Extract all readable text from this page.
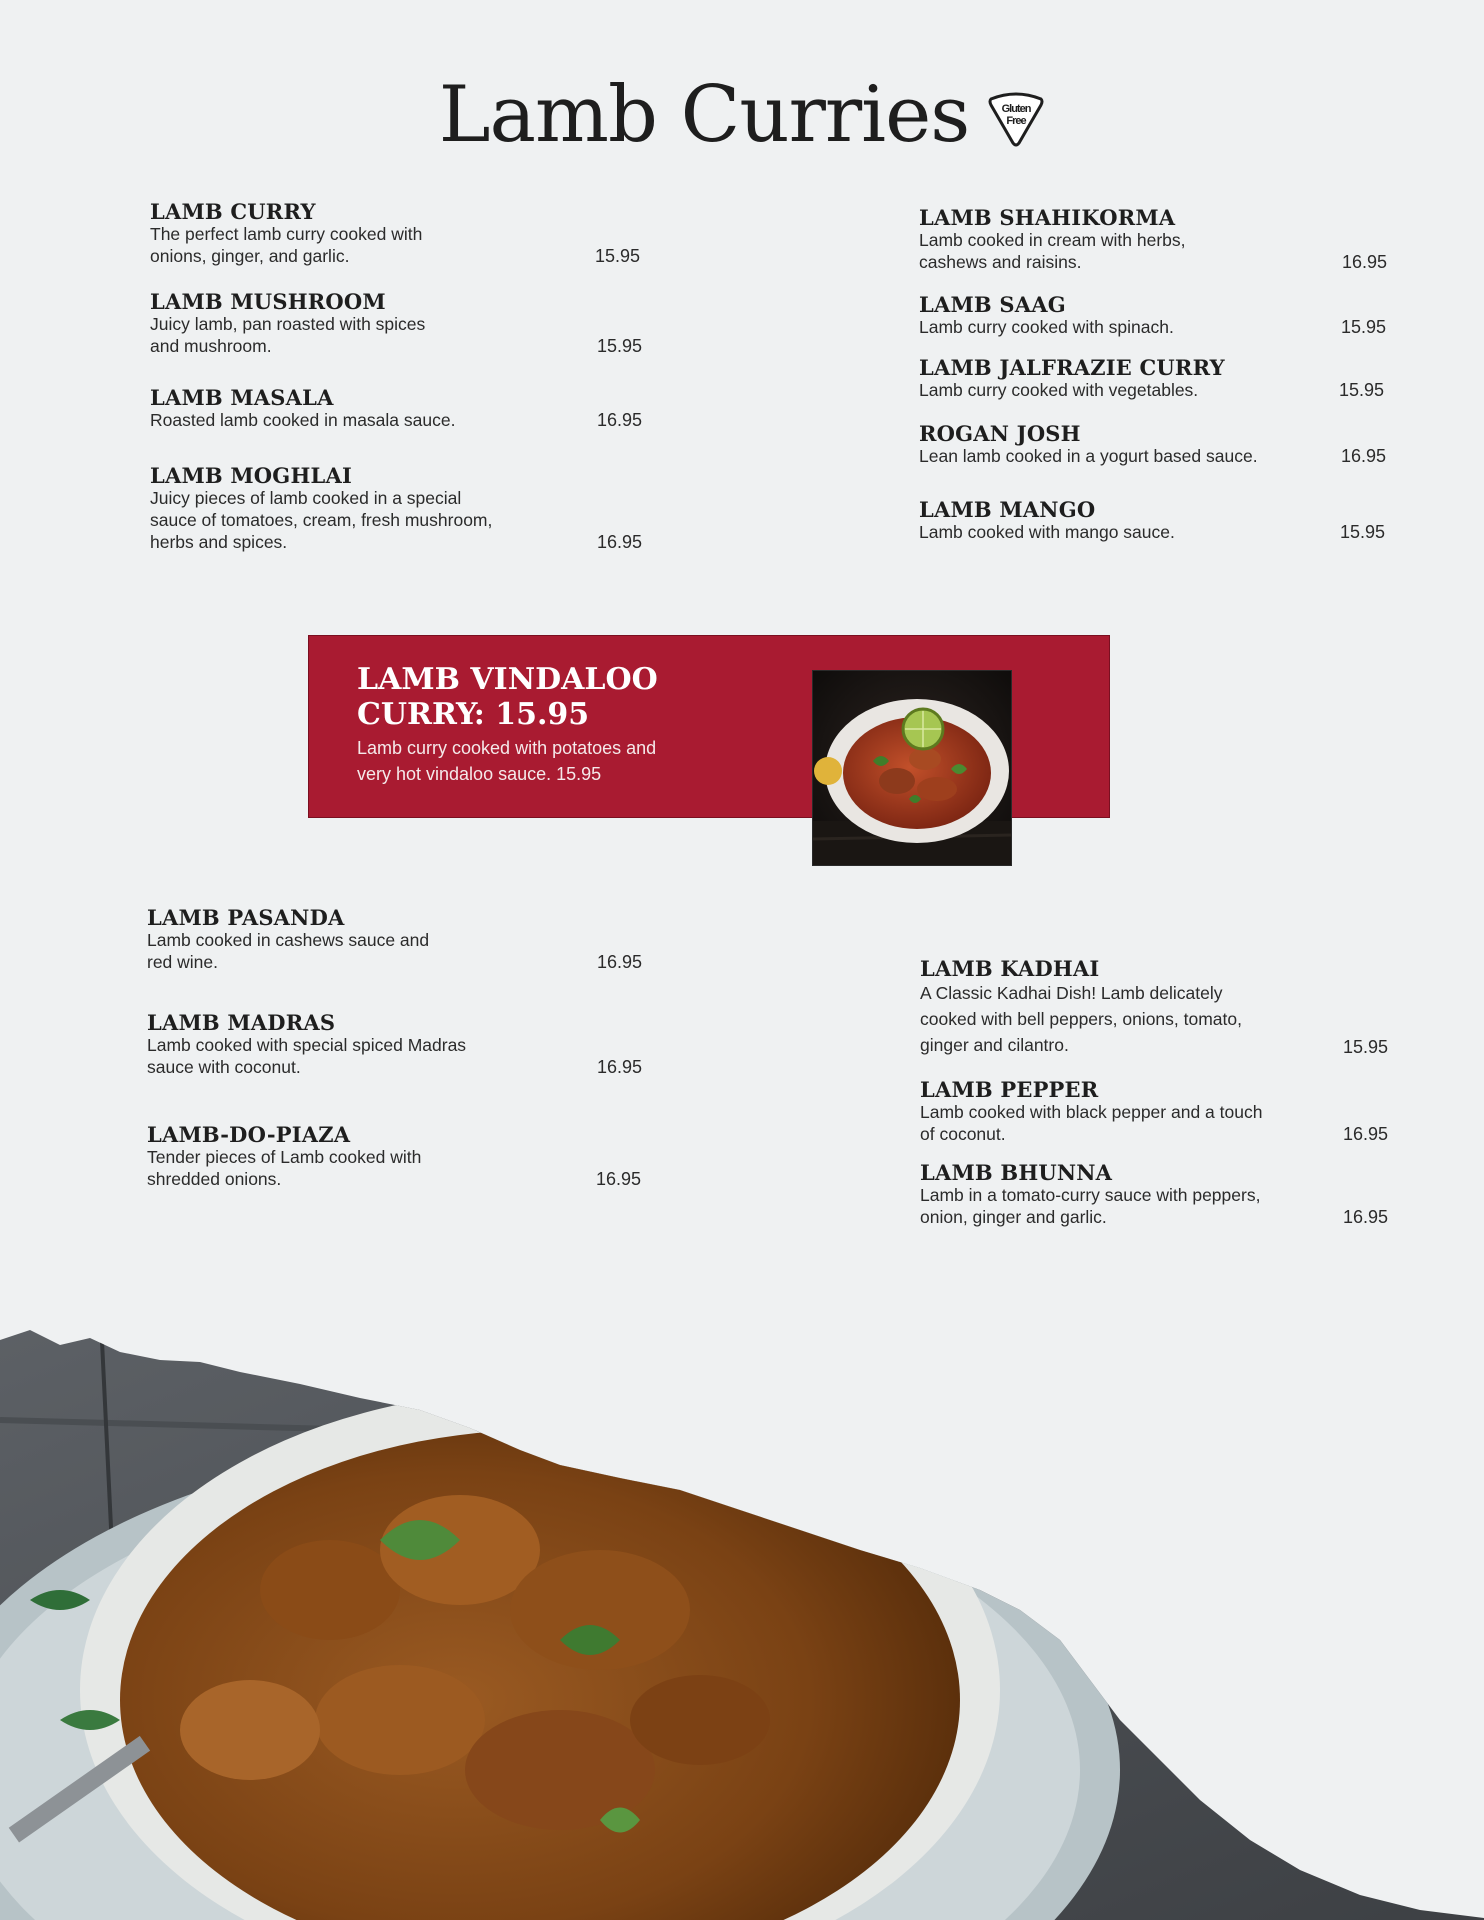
Lamb Curries	Gluten
Free
LAMB CURRY
The perfect lamb curry cooked with
onions, ginger, and garlic.	15.95
LAMB MUSHROOM
Juicy lamb, pan roasted with spices
and mushroom.	15.95
LAMB MASALA
Roasted lamb cooked in masala sauce.	16.95
LAMB MOGHLAI
Juicy pieces of lamb cooked in a special
sauce of tomatoes, cream, fresh mushroom,
herbs and spices.	16.95
LAMB SHAHIKORMA
Lamb cooked in cream with herbs,
cashews and raisins.	16.95
LAMB SAAG
Lamb curry cooked with spinach.	15.95
LAMB JALFRAZIE CURRY
Lamb curry cooked with vegetables.	15.95
ROGAN JOSH
Lean lamb cooked in a yogurt based sauce.	16.95
LAMB MANGO
Lamb cooked with mango sauce.	15.95
LAMB VINDALOO CURRY: 15.95
Lamb curry cooked with potatoes and very hot vindaloo sauce. 15.95
LAMB PASANDA
Lamb cooked in cashews sauce and
red wine.	16.95
LAMB MADRAS
Lamb cooked with special spiced Madras
sauce with coconut.	16.95
LAMB-DO-PIAZA
Tender pieces of Lamb cooked with
shredded onions.	16.95
LAMB KADHAI
A Classic Kadhai Dish! Lamb delicately
cooked with bell peppers, onions, tomato,
ginger and cilantro.	15.95
LAMB PEPPER
Lamb cooked with black pepper and a touch
of coconut.	16.95
LAMB BHUNNA
Lamb in a tomato-curry sauce with peppers,
onion, ginger and garlic.	16.95
